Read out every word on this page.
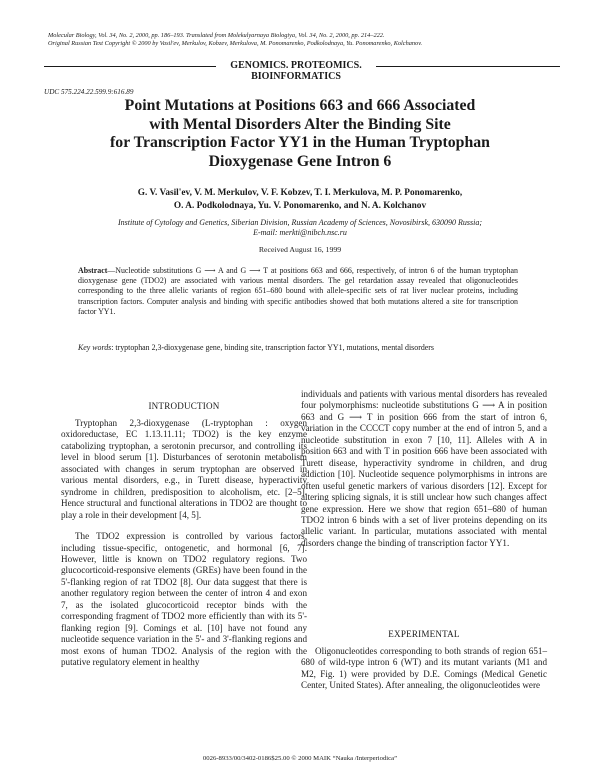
Molecular Biology, Vol. 34, No. 2, 2000, pp. 186–193. Translated from Molekulyarnaya Biologiya, Vol. 34, No. 2, 2000, pp. 214–222.
Original Russian Text Copyright © 2000 by Vasil'ev, Merkulov, Kobzev, Merkulova, M. Ponomarenko, Podkolodnaya, Yu. Ponomarenko, Kolchanov.
GENOMICS. PROTEOMICS.
BIOINFORMATICS
UDC 575.224.22.599.9:616.89
Point Mutations at Positions 663 and 666 Associated
with Mental Disorders Alter the Binding Site
for Transcription Factor YY1 in the Human Tryptophan
Dioxygenase Gene Intron 6
G. V. Vasil'ev, V. M. Merkulov, V. F. Kobzev, T. I. Merkulova, M. P. Ponomarenko,
O. A. Podkolodnaya, Yu. V. Ponomarenko, and N. A. Kolchanov
Institute of Cytology and Genetics, Siberian Division, Russian Academy of Sciences, Novosibirsk, 630090 Russia;
E-mail: merkti@nibch.nsc.ru
Received August 16, 1999
Abstract—Nucleotide substitutions G ⟶ A and G ⟶ T at positions 663 and 666, respectively, of intron 6 of the human tryptophan dioxygenase gene (TDO2) are associated with various mental disorders. The gel retardation assay revealed that oligonucleotides corresponding to the three allelic variants of region 651–680 bound with allele-specific sets of rat liver nuclear proteins, including transcription factors. Computer analysis and binding with specific antibodies showed that both mutations altered a site for transcription factor YY1.
Key words: tryptophan 2,3-dioxygenase gene, binding site, transcription factor YY1, mutations, mental disorders
INTRODUCTION

Tryptophan 2,3-dioxygenase (L-tryptophan : oxygen oxidoreductase, EC 1.13.11.11; TDO2) is the key enzyme catabolizing tryptophan, a serotonin precursor, and controlling its level in blood serum [1]. Disturbances of serotonin metabolism associated with changes in serum tryptophan are observed in various mental disorders, e.g., in Turett disease, hyperactivity syndrome in children, predisposition to alcoholism, etc. [2–5]. Hence structural and functional alterations in TDO2 are thought to play a role in their development [4, 5].

The TDO2 expression is controlled by various factors, including tissue-specific, ontogenetic, and hormonal [6, 7]. However, little is known on TDO2 regulatory regions. Two glucocorticoid-responsive elements (GREs) have been found in the 5'-flanking region of rat TDO2 [8]. Our data suggest that there is another regulatory region between the center of intron 4 and exon 7, as the isolated glucocorticoid receptor binds with the corresponding fragment of TDO2 more efficiently than with its 5'-flanking region [9]. Comings et al. [10] have not found any nucleotide sequence variation in the 5'- and 3'-flanking regions and most exons of human TDO2. Analysis of the region with the putative regulatory element in healthy

individuals and patients with various mental disorders has revealed four polymorphisms: nucleotide substitutions G ⟶ A in position 663 and G ⟶ T in position 666 from the start of intron 6, variation in the CCCCT copy number at the end of intron 5, and a nucleotide substitution in exon 7 [10, 11]. Alleles with A in position 663 and with T in position 666 have been associated with Turett disease, hyperactivity syndrome in children, and drug addiction [10]. Nucleotide sequence polymorphisms in introns are often useful genetic markers of various disorders [12]. Except for altering splicing signals, it is still unclear how such changes affect gene expression. Here we show that region 651–680 of human TDO2 intron 6 binds with a set of liver proteins depending on its allelic variant. In particular, mutations associated with mental disorders change the binding of transcription factor YY1.

EXPERIMENTAL

Oligonucleotides corresponding to both strands of region 651–680 of wild-type intron 6 (WT) and its mutant variants (M1 and M2, Fig. 1) were provided by D.E. Comings (Medical Genetic Center, United States). After annealing, the oligonucleotides were

0026-8933/00/3402-0186$25.00 © 2000 MAIK “Nauka /Interperiodica”
